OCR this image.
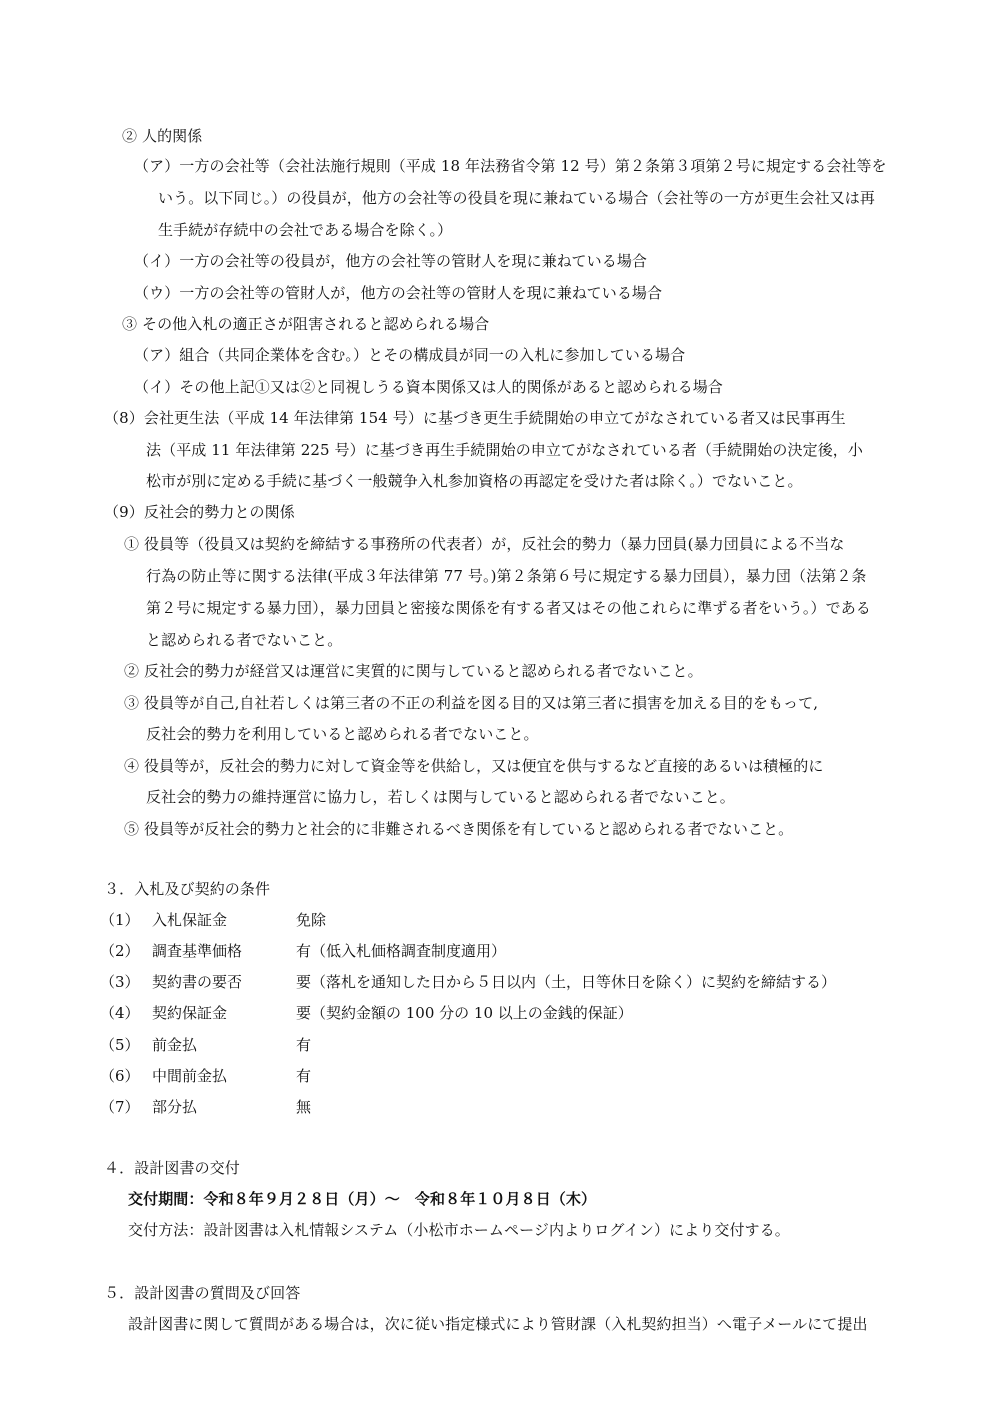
② 人的関係
（ア）一方の会社等（会社法施行規則（平成 18 年法務省令第 12 号）第２条第３項第２号に規定する会社等を
いう。以下同じ。）の役員が，他方の会社等の役員を現に兼ねている場合（会社等の一方が更生会社又は再
生手続が存続中の会社である場合を除く。）
（イ）一方の会社等の役員が，他方の会社等の管財人を現に兼ねている場合
（ウ）一方の会社等の管財人が，他方の会社等の管財人を現に兼ねている場合
③ その他入札の適正さが阻害されると認められる場合
（ア）組合（共同企業体を含む。）とその構成員が同一の入札に参加している場合
（イ）その他上記①又は②と同視しうる資本関係又は人的関係があると認められる場合
（8）会社更生法（平成 14 年法律第 154 号）に基づき更生手続開始の申立てがなされている者又は民事再生
法（平成 11 年法律第 225 号）に基づき再生手続開始の申立てがなされている者（手続開始の決定後，小
松市が別に定める手続に基づく一般競争入札参加資格の再認定を受けた者は除く。）でないこと。
（9）反社会的勢力との関係
① 役員等（役員又は契約を締結する事務所の代表者）が，反社会的勢力（暴力団員(暴力団員による不当な
行為の防止等に関する法律(平成３年法律第 77 号。)第２条第６号に規定する暴力団員），暴力団（法第２条
第２号に規定する暴力団），暴力団員と密接な関係を有する者又はその他これらに準ずる者をいう。）である
と認められる者でないこと。
② 反社会的勢力が経営又は運営に実質的に関与していると認められる者でないこと。
③ 役員等が自己,自社若しくは第三者の不正の利益を図る目的又は第三者に損害を加える目的をもって,
反社会的勢力を利用していると認められる者でないこと。
④ 役員等が，反社会的勢力に対して資金等を供給し，又は便宜を供与するなど直接的あるいは積極的に
反社会的勢力の維持運営に協力し，若しくは関与していると認められる者でないこと。
⑤ 役員等が反社会的勢力と社会的に非難されるべき関係を有していると認められる者でないこと。
３．入札及び契約の条件
（1） 入札保証金	免除
（2） 調査基準価格	有（低入札価格調査制度適用）
（3） 契約書の要否	要（落札を通知した日から５日以内（土，日等休日を除く）に契約を締結する）
（4） 契約保証金	要（契約金額の 100 分の 10 以上の金銭的保証）
（5） 前金払	有
（6） 中間前金払	有
（7） 部分払	無
４．設計図書の交付
交付期間：令和８年９月２８日（月）～　令和８年１０月８日（木）
交付方法：設計図書は入札情報システム（小松市ホームページ内よりログイン）により交付する。
５．設計図書の質問及び回答
設計図書に関して質問がある場合は，次に従い指定様式により管財課（入札契約担当）へ電子メールにて提出
